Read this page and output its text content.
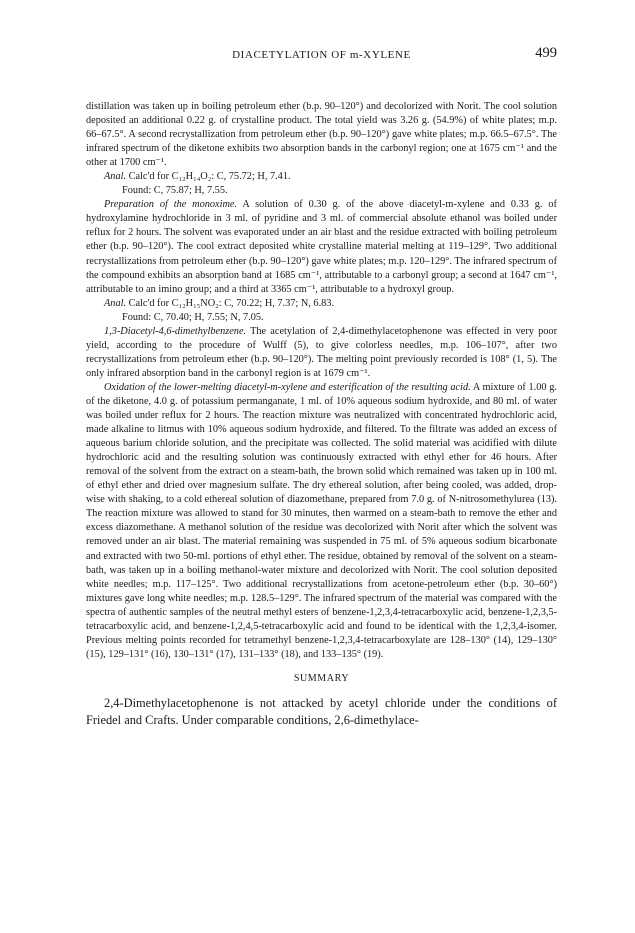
DIACETYLATION OF m-XYLENE	499

distillation was taken up in boiling petroleum ether (b.p. 90–120°) and decolorized with Norit. The cool solution deposited an additional 0.22 g. of crystalline product. The total yield was 3.26 g. (54.9%) of white plates; m.p. 66–67.5°. A second recrystallization from petroleum ether (b.p. 90–120°) gave white plates; m.p. 66.5–67.5°. The infrared spectrum of the diketone exhibits two absorption bands in the carbonyl region; one at 1675 cm⁻¹ and the other at 1700 cm⁻¹.

Anal. Calc'd for C₁₂H₁₄O₂: C, 75.72; H, 7.41.

Found: C, 75.87; H, 7.55.

Preparation of the monoxime. A solution of 0.30 g. of the above diacetyl-m-xylene and 0.33 g. of hydroxylamine hydrochloride in 3 ml. of pyridine and 3 ml. of commercial absolute ethanol was boiled under reflux for 2 hours. The solvent was evaporated under an air blast and the residue extracted with boiling petroleum ether (b.p. 90–120°). The cool extract deposited white crystalline material melting at 119–129°. Two additional recrystallizations from petroleum ether (b.p. 90–120°) gave white plates; m.p. 120–129°. The infrared spectrum of the compound exhibits an absorption band at 1685 cm⁻¹, attributable to a carbonyl group; a second at 1647 cm⁻¹, attributable to an imino group; and a third at 3365 cm⁻¹, attributable to a hydroxyl group.

Anal. Calc'd for C₁₂H₁₅NO₂: C, 70.22; H, 7.37; N, 6.83.

Found: C, 70.40; H, 7.55; N, 7.05.

1,3-Diacetyl-4,6-dimethylbenzene. The acetylation of 2,4-dimethylacetophenone was effected in very poor yield, according to the procedure of Wulff (5), to give colorless needles, m.p. 106–107°, after two recrystallizations from petroleum ether (b.p. 90–120°). The melting point previously recorded is 108° (1, 5). The only infrared absorption band in the carbonyl region is at 1679 cm⁻¹.

Oxidation of the lower-melting diacetyl-m-xylene and esterification of the resulting acid. A mixture of 1.00 g. of the diketone, 4.0 g. of potassium permanganate, 1 ml. of 10% aqueous sodium hydroxide, and 80 ml. of water was boiled under reflux for 2 hours. The reaction mixture was neutralized with concentrated hydrochloric acid, made alkaline to litmus with 10% aqueous sodium hydroxide, and filtered. To the filtrate was added an excess of aqueous barium chloride solution, and the precipitate was collected. The solid material was acidified with dilute hydrochloric acid and the resulting solution was continuously extracted with ethyl ether for 46 hours. After removal of the solvent from the extract on a steam-bath, the brown solid which remained was taken up in 100 ml. of ethyl ether and dried over magnesium sulfate. The dry ethereal solution, after being cooled, was added, drop-wise with shaking, to a cold ethereal solution of diazomethane, prepared from 7.0 g. of N-nitrosomethylurea (13). The reaction mixture was allowed to stand for 30 minutes, then warmed on a steam-bath to remove the ether and excess diazomethane. A methanol solution of the residue was decolorized with Norit after which the solvent was removed under an air blast. The material remaining was suspended in 75 ml. of 5% aqueous sodium bicarbonate and extracted with two 50-ml. portions of ethyl ether. The residue, obtained by removal of the solvent on a steam-bath, was taken up in a boiling methanol-water mixture and decolorized with Norit. The cool solution deposited white needles; m.p. 117–125°. Two additional recrystallizations from acetone-petroleum ether (b.p. 30–60°) mixtures gave long white needles; m.p. 128.5–129°. The infrared spectrum of the material was compared with the spectra of authentic samples of the neutral methyl esters of benzene-1,2,3,4-tetracarboxylic acid, benzene-1,2,3,5-tetracarboxylic acid, and benzene-1,2,4,5-tetracarboxylic acid and found to be identical with the 1,2,3,4-isomer. Previous melting points recorded for tetramethyl benzene-1,2,3,4-tetracarboxylate are 128–130° (14), 129–130° (15), 129–131° (16), 130–131° (17), 131–133° (18), and 133–135° (19).

SUMMARY

2,4-Dimethylacetophenone is not attacked by acetyl chloride under the conditions of Friedel and Crafts. Under comparable conditions, 2,6-dimethylace-
